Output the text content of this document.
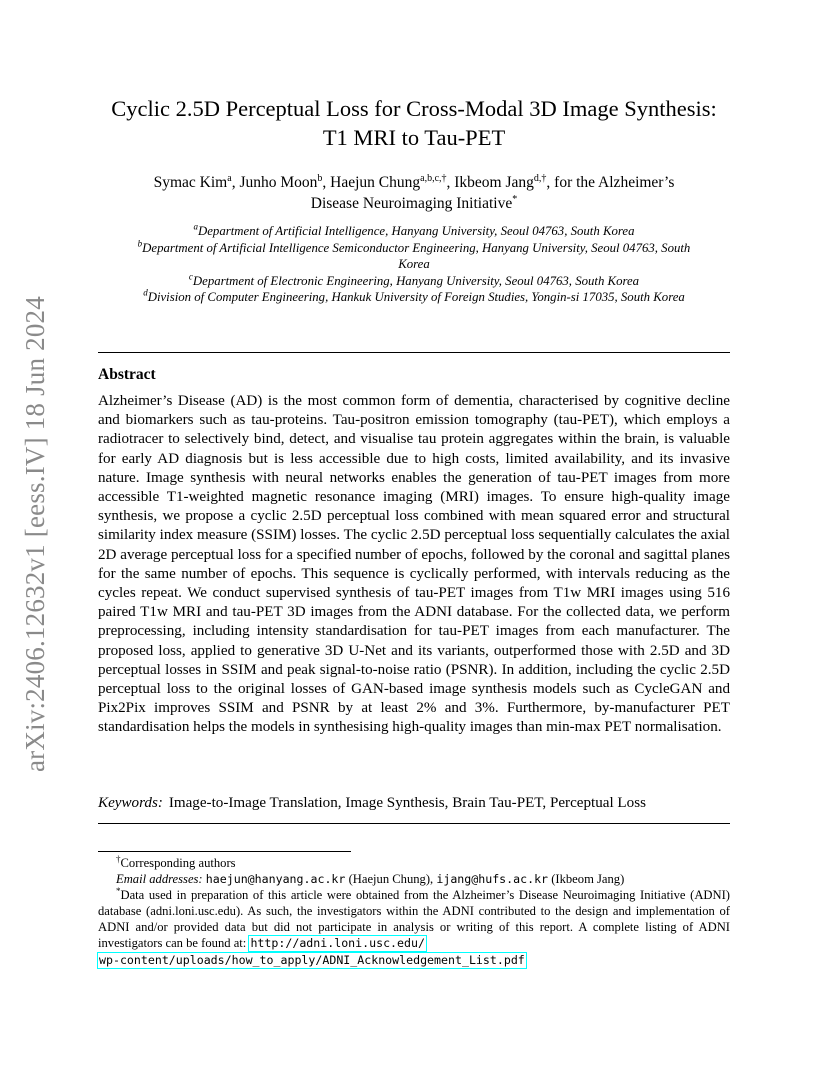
arXiv:2406.12632v1 [eess.IV] 18 Jun 2024
Cyclic 2.5D Perceptual Loss for Cross-Modal 3D Image Synthesis:
T1 MRI to Tau-PET
Symac Kim$^a$, Junho Moon$^b$, Haejun Chung$^{a,b,c,\dagger}$, Ikbeom Jang$^{d,\dagger}$, for the Alzheimer’s
Disease Neuroimaging Initiative*
$^a$Department of Artificial Intelligence, Hanyang University, Seoul 04763, South Korea
$^b$Department of Artificial Intelligence Semiconductor Engineering, Hanyang University, Seoul 04763, South
Korea
$^c$Department of Electronic Engineering, Hanyang University, Seoul 04763, South Korea
$^d$Division of Computer Engineering, Hankuk University of Foreign Studies, Yongin-si 17035, South Korea
Abstract
Alzheimer’s Disease (AD) is the most common form of dementia, characterised by cognitive decline and biomarkers such as tau-proteins. Tau-positron emission tomography (tau-PET), which employs a radiotracer to selectively bind, detect, and visualise tau protein aggregates within the brain, is valuable for early AD diagnosis but is less accessible due to high costs, limited availability, and its invasive nature. Image synthesis with neural networks enables the generation of tau-PET images from more accessible T1-weighted magnetic resonance imaging (MRI) images. To ensure high-quality image synthesis, we propose a cyclic 2.5D perceptual loss combined with mean squared error and structural similarity index measure (SSIM) losses. The cyclic 2.5D perceptual loss sequentially calculates the axial 2D average perceptual loss for a specified number of epochs, followed by the coronal and sagittal planes for the same number of epochs. This sequence is cyclically performed, with intervals reducing as the cycles repeat. We conduct supervised synthesis of tau-PET images from T1w MRI images using 516 paired T1w MRI and tau-PET 3D images from the ADNI database. For the collected data, we perform preprocessing, including intensity standardisation for tau-PET images from each manufacturer. The proposed loss, applied to generative 3D U-Net and its variants, outperformed those with 2.5D and 3D perceptual losses in SSIM and peak signal-to-noise ratio (PSNR). In addition, including the cyclic 2.5D perceptual loss to the original losses of GAN-based image synthesis models such as CycleGAN and Pix2Pix improves SSIM and PSNR by at least 2% and 3%. Furthermore, by-manufacturer PET standardisation helps the models in synthesising high-quality images than min-max PET normalisation.
Keywords: Image-to-Image Translation, Image Synthesis, Brain Tau-PET, Perceptual Loss
†Corresponding authors
Email addresses: haejun@hanyang.ac.kr (Haejun Chung), ijang@hufs.ac.kr (Ikbeom Jang)
*Data used in preparation of this article were obtained from the Alzheimer’s Disease Neuroimaging Initiative (ADNI) database (adni.loni.usc.edu). As such, the investigators within the ADNI contributed to the design and implementation of ADNI and/or provided data but did not participate in analysis or writing of this report. A complete listing of ADNI investigators can be found at: http://adni.loni.usc.edu/
wp-content/uploads/how_to_apply/ADNI_Acknowledgement_List.pdf
